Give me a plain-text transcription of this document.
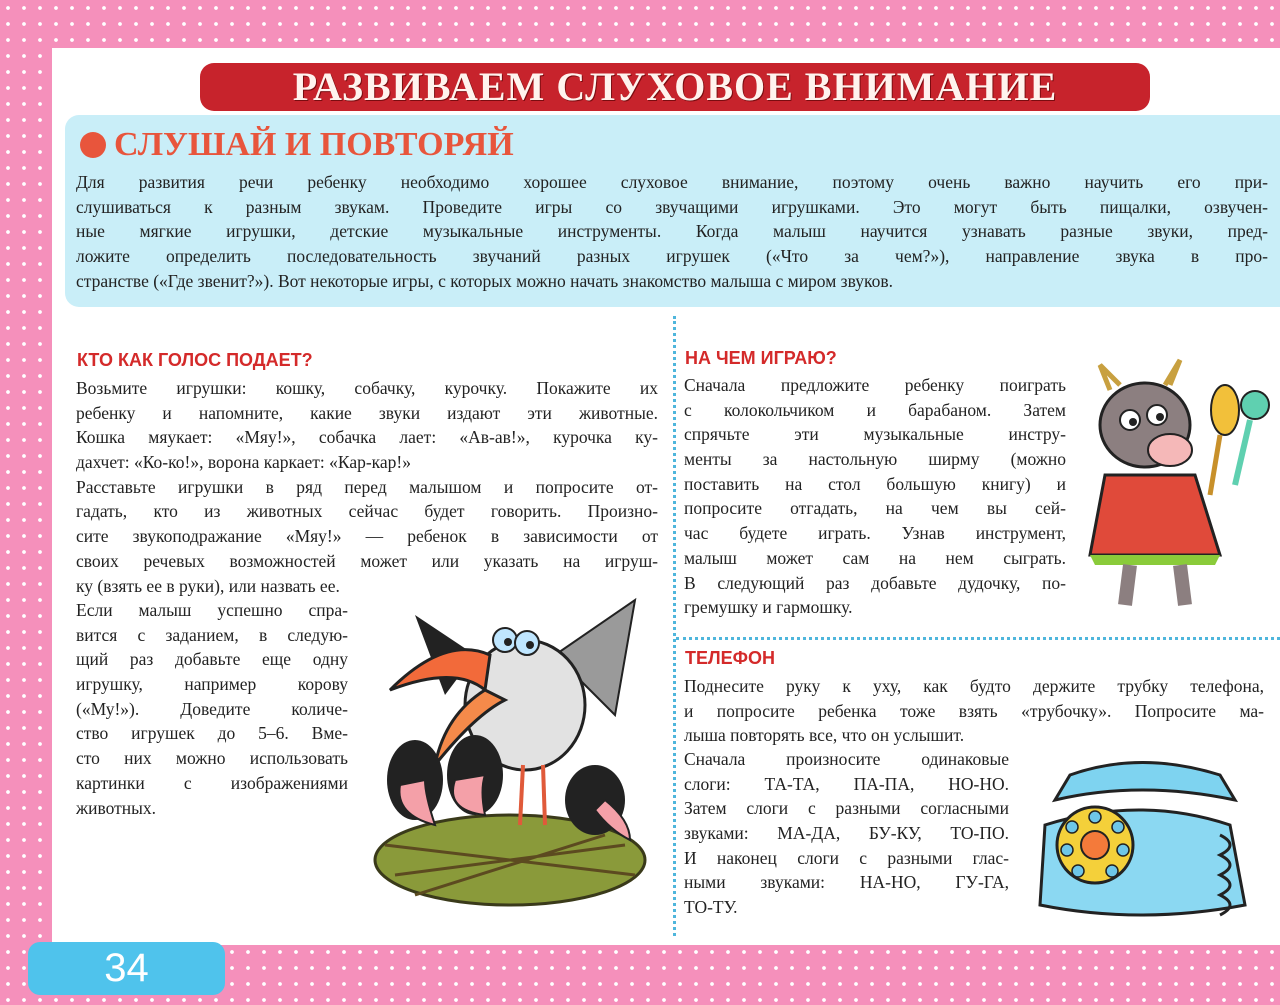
РАЗВИВАЕМ СЛУХОВОЕ ВНИМАНИЕ
СЛУШАЙ И ПОВТОРЯЙ
Для развития речи ребенку необходимо хорошее слуховое внимание, поэтому очень важно научить его при-
слушиваться к разным звукам. Проведите игры со звучащими игрушками. Это могут быть пищалки, озвучен-
ные мягкие игрушки, детские музыкальные инструменты. Когда малыш научится узнавать разные звуки, пред-
ложите определить последовательность звучаний разных игрушек («Что за чем?»), направление звука в про-
странстве («Где звенит?»). Вот некоторые игры, с которых можно начать знакомство малыша с миром звуков.
КТО КАК ГОЛОС ПОДАЕТ?
Возьмите игрушки: кошку, собачку, курочку. Покажите их
ребенку и напомните, какие звуки издают эти животные.
Кошка мяукает: «Мяу!», собачка лает: «Ав-ав!», курочка ку-
дахчет: «Ко-ко!», ворона каркает: «Кар-кар!»
Расставьте игрушки в ряд перед малышом и попросите от-
гадать, кто из животных сейчас будет говорить. Произно-
сите звукоподражание «Мяу!» — ребенок в зависимости от
своих речевых возможностей может или указать на игруш-
ку (взять ее в руки), или назвать ее.
Если малыш успешно спра-
вится с заданием, в следую-
щий раз добавьте еще одну
игрушку, например корову
(«Му!»). Доведите количе-
ство игрушек до 5–6. Вме-
сто них можно использовать
картинки с изображениями
животных.
НА ЧЕМ ИГРАЮ?
Сначала предложите ребенку поиграть
с колокольчиком и барабаном. Затем
спрячьте эти музыкальные инстру-
менты за настольную ширму (можно
поставить на стол большую книгу) и
попросите отгадать, на чем вы сей-
час будете играть. Узнав инструмент,
малыш может сам на нем сыграть.
В следующий раз добавьте дудочку, по-
гремушку и гармошку.
ТЕЛЕФОН
Поднесите руку к уху, как будто держите трубку телефона,
и попросите ребенка тоже взять «трубочку». Попросите ма-
лыша повторять все, что он услышит.
Сначала произносите одинаковые
слоги: ТА-ТА, ПА-ПА, НО-НО.
Затем слоги с разными согласными
звуками: МА-ДА, БУ-КУ, ТО-ПО.
И наконец слоги с разными глас-
ными звуками: НА-НО, ГУ-ГА,
ТО-ТУ.
34
